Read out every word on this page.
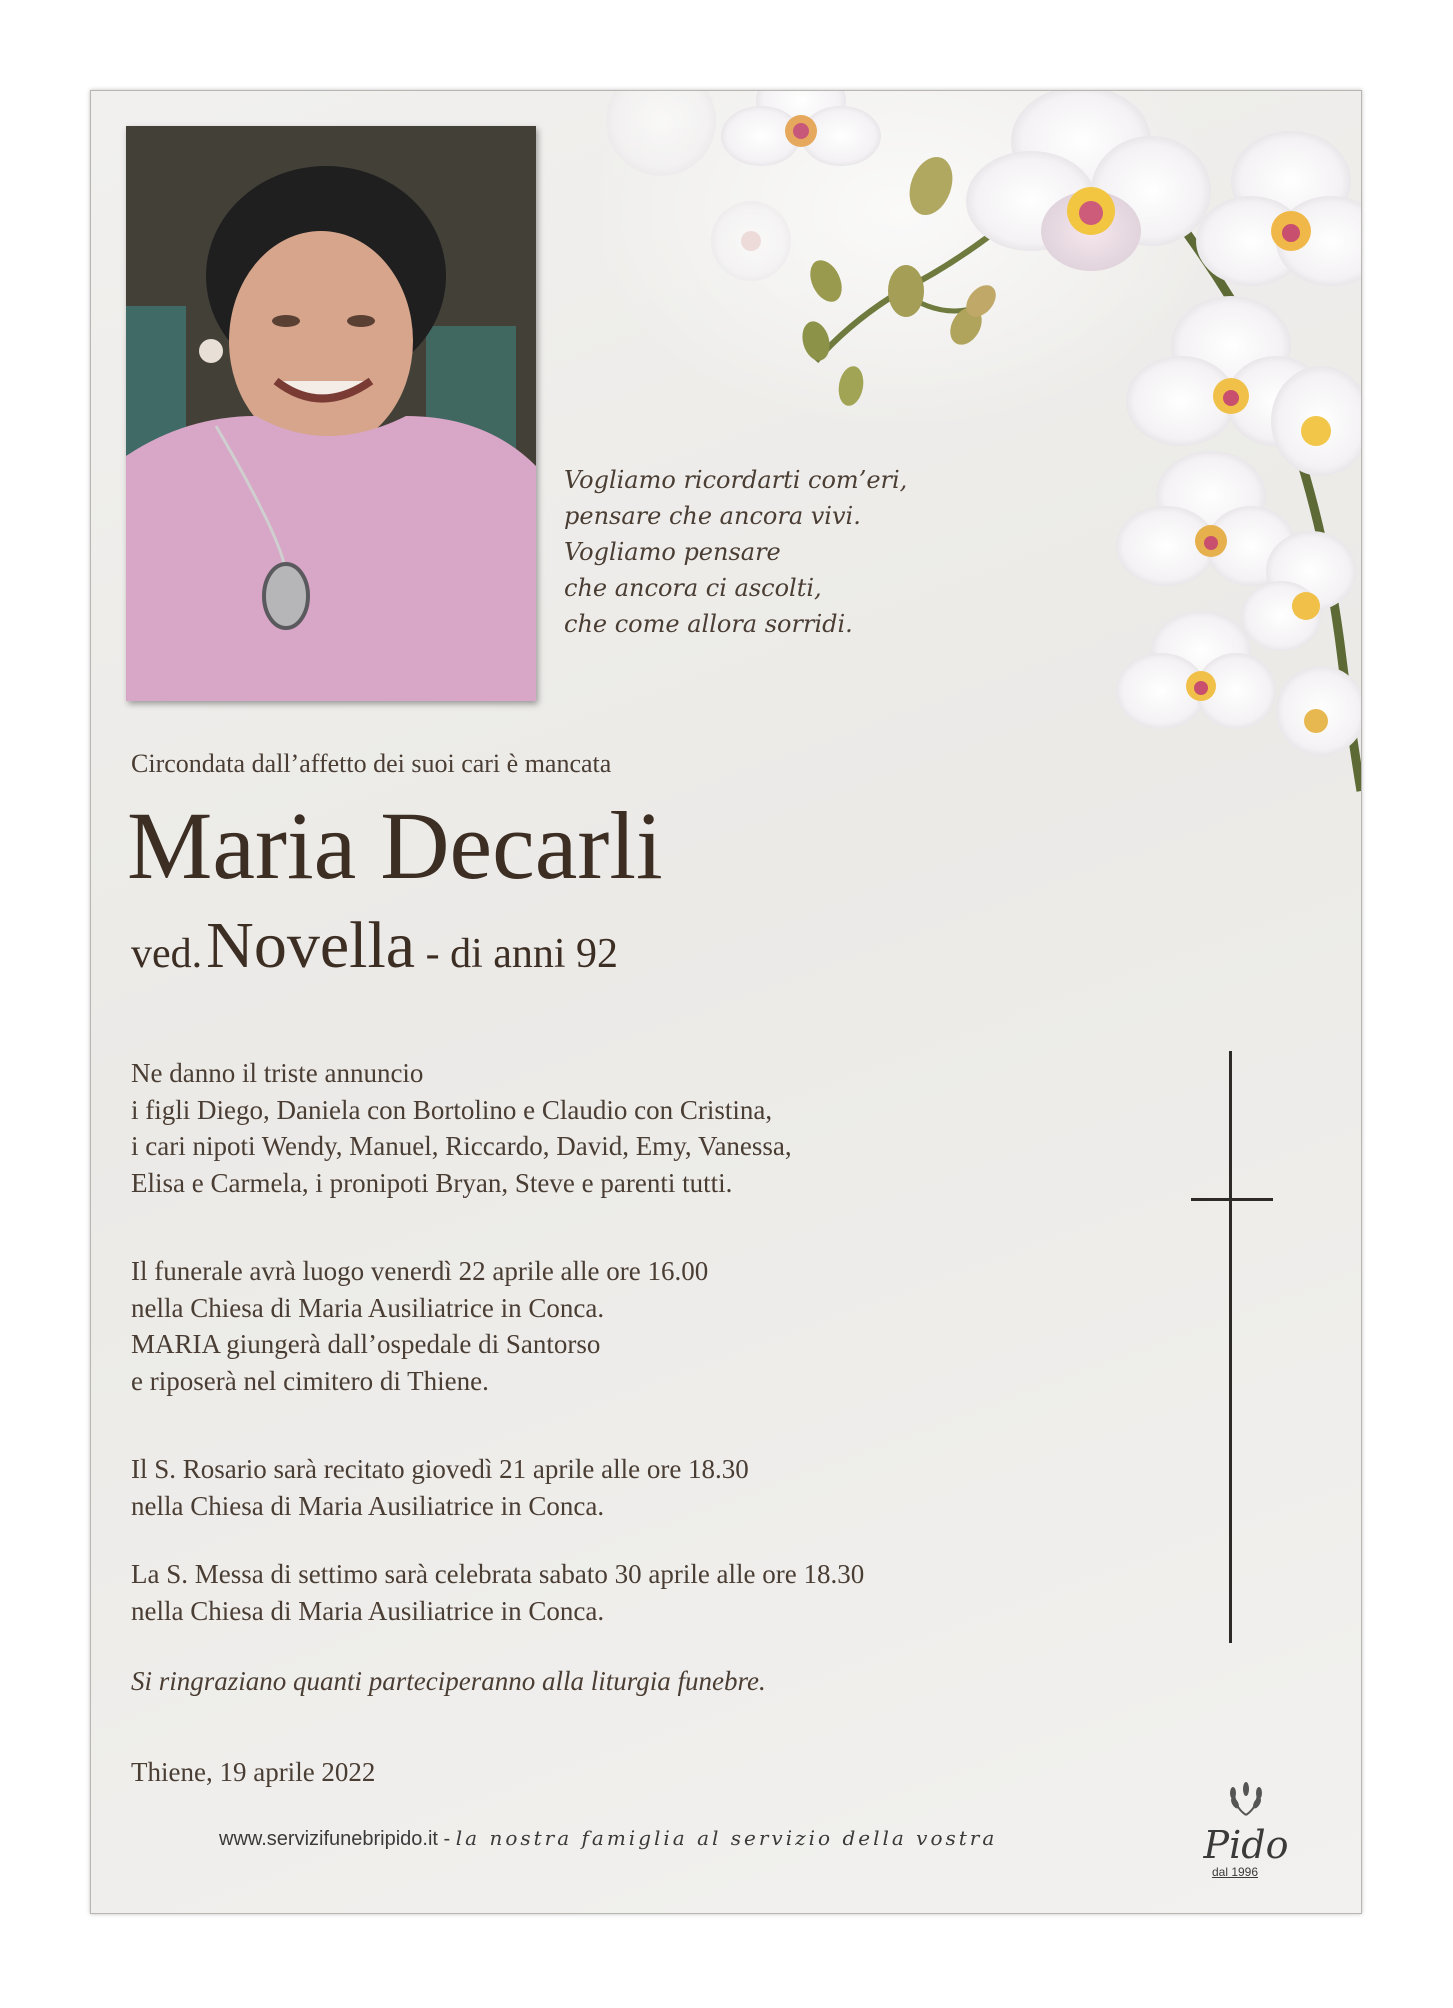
Vogliamo ricordarti com’eri,
pensare che ancora vivi.
Vogliamo pensare
che ancora ci ascolti,
che come allora sorridi.
Circondata dall’affetto dei suoi cari è mancata
Maria Decarli
ved. Novella - di anni 92
Ne danno il triste annuncio
i figli Diego, Daniela con Bortolino e Claudio con Cristina,
i cari nipoti Wendy, Manuel, Riccardo, David, Emy, Vanessa,
Elisa e Carmela, i pronipoti Bryan, Steve e parenti tutti.
Il funerale avrà luogo venerdì 22 aprile alle ore 16.00
nella Chiesa di Maria Ausiliatrice in Conca.
MARIA giungerà dall’ospedale di Santorso
e riposerà nel cimitero di Thiene.
Il S. Rosario sarà recitato giovedì 21 aprile alle ore 18.30
nella Chiesa di Maria Ausiliatrice in Conca.
La S. Messa di settimo sarà celebrata sabato 30 aprile alle ore 18.30
nella Chiesa di Maria Ausiliatrice in Conca.
Si ringraziano quanti parteciperanno alla liturgia funebre.
Thiene, 19 aprile 2022
Pido
dal 1996
www.servizifunebripido.it - la nostra famiglia al servizio della vostra
